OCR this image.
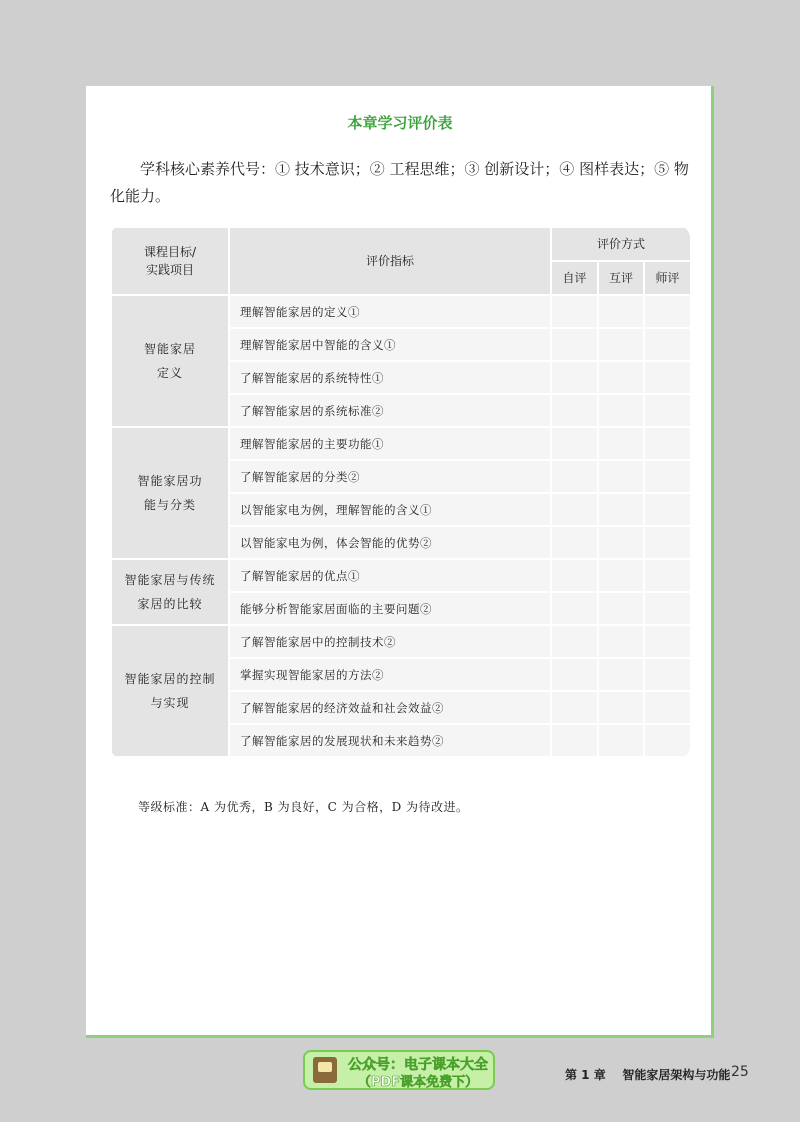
本章学习评价表
学科核心素养代号：① 技术意识；② 工程思维；③ 创新设计；④ 图样表达；⑤ 物化能力。
课程目标/实践项目	评价指标	评价方式		
		自评	互评	师评
智能家居定义	理解智能家居的定义①			
	理解智能家居中智能的含义①			
	了解智能家居的系统特性①			
	了解智能家居的系统标准②			
智能家居功能与分类	理解智能家居的主要功能①			
	了解智能家居的分类②			
	以智能家电为例，理解智能的含义①			
	以智能家电为例，体会智能的优势②			
智能家居与传统家居的比较	了解智能家居的优点①			
	能够分析智能家居面临的主要问题②			
智能家居的控制与实现	了解智能家居中的控制技术②			
	掌握实现智能家居的方法②			
	了解智能家居的经济效益和社会效益②			
	了解智能家居的发展现状和未来趋势②			
等级标准：A 为优秀，B 为良好，C 为合格，D 为待改进。
公众号：电子课本大全
（PDF课本免费下）	第 1 章    智能家居架构与功能 25
